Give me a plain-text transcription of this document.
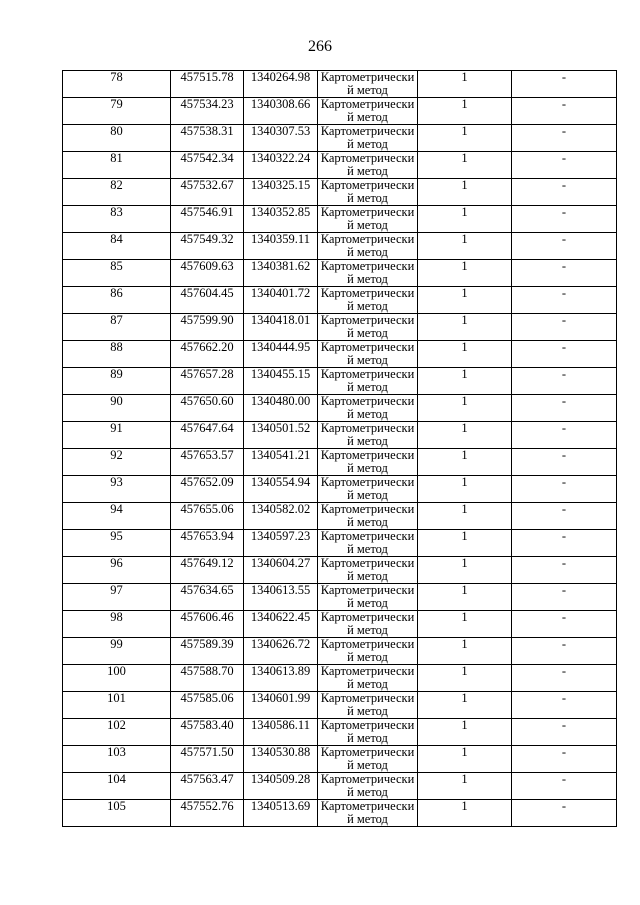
266
78	457515.78	1340264.98	Картометрически й метод	1	-
79	457534.23	1340308.66	Картометрически й метод	1	-
80	457538.31	1340307.53	Картометрически й метод	1	-
81	457542.34	1340322.24	Картометрически й метод	1	-
82	457532.67	1340325.15	Картометрически й метод	1	-
83	457546.91	1340352.85	Картометрически й метод	1	-
84	457549.32	1340359.11	Картометрически й метод	1	-
85	457609.63	1340381.62	Картометрически й метод	1	-
86	457604.45	1340401.72	Картометрически й метод	1	-
87	457599.90	1340418.01	Картометрически й метод	1	-
88	457662.20	1340444.95	Картометрически й метод	1	-
89	457657.28	1340455.15	Картометрически й метод	1	-
90	457650.60	1340480.00	Картометрически й метод	1	-
91	457647.64	1340501.52	Картометрически й метод	1	-
92	457653.57	1340541.21	Картометрически й метод	1	-
93	457652.09	1340554.94	Картометрически й метод	1	-
94	457655.06	1340582.02	Картометрически й метод	1	-
95	457653.94	1340597.23	Картометрически й метод	1	-
96	457649.12	1340604.27	Картометрически й метод	1	-
97	457634.65	1340613.55	Картометрически й метод	1	-
98	457606.46	1340622.45	Картометрически й метод	1	-
99	457589.39	1340626.72	Картометрически й метод	1	-
100	457588.70	1340613.89	Картометрически й метод	1	-
101	457585.06	1340601.99	Картометрически й метод	1	-
102	457583.40	1340586.11	Картометрически й метод	1	-
103	457571.50	1340530.88	Картометрически й метод	1	-
104	457563.47	1340509.28	Картометрически й метод	1	-
105	457552.76	1340513.69	Картометрически й метод	1	-
